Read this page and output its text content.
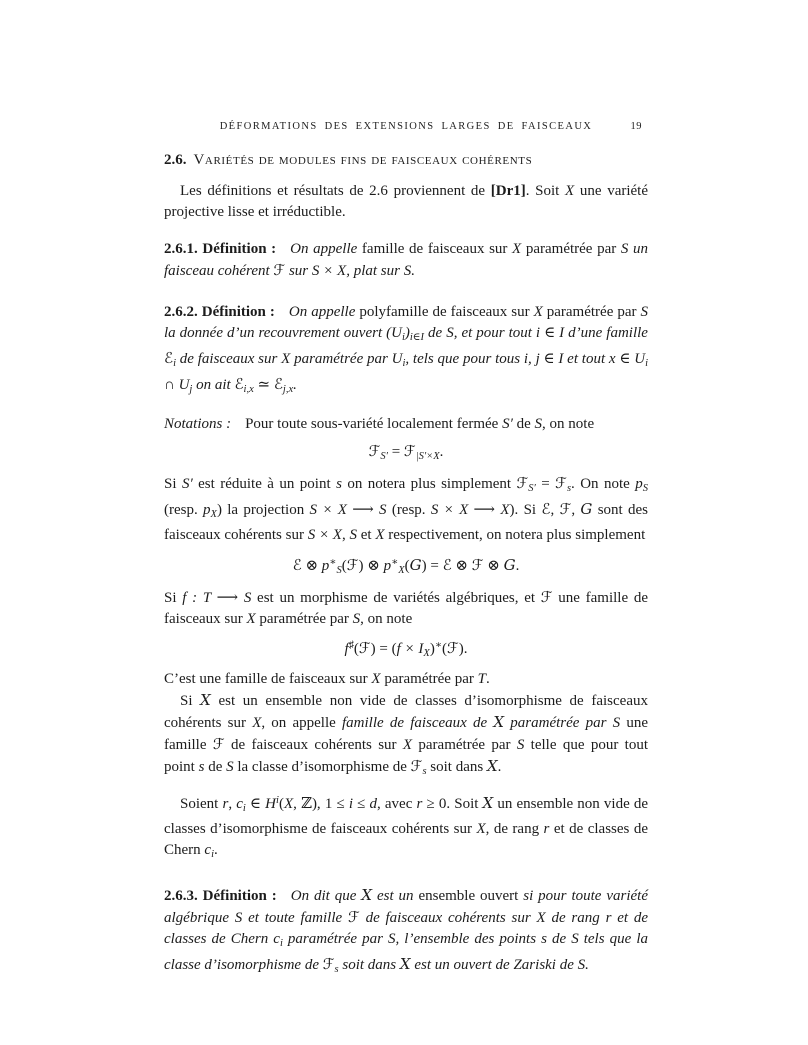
DÉFORMATIONS DES EXTENSIONS LARGES DE FAISCEAUX	19
2.6. Variétés de modules fins de faisceaux cohérents
Les définitions et résultats de 2.6 proviennent de [Dr1]. Soit X une variété projective lisse et irréductible.
2.6.1. Définition : On appelle famille de faisceaux sur X paramétrée par S un faisceau cohérent ℱ sur S × X, plat sur S.
2.6.2. Définition : On appelle polyfamille de faisceaux sur X paramétrée par S la donnée d’un recouvrement ouvert $(U_i)_{i\in I}$ de S, et pour tout i ∈ I d’une famille ℰ$_i$ de faisceaux sur X paramétrée par $U_i$, tels que pour tous i, j ∈ I et tout x ∈ $U_i$ ∩ $U_j$ on ait ℰ$_{i,x}$ ≃ ℰ$_{j,x}$.
Notations : Pour toute sous-variété localement fermée S′ de S, on note
ℱ$_{S'}$ = ℱ$_{|S'\times X}$.
Si S′ est réduite à un point s on notera plus simplement ℱ$_{S'}$ = ℱ$_s$. On note $p_S$ (resp. $p_X$) la projection S × X ⟶ S (resp. S × X ⟶ X). Si ℰ, ℱ, G sont des faisceaux cohérents sur S × X, S et X respectivement, on notera plus simplement
ℰ ⊗ $p^∗_S(ℱ)$ ⊗ $p^∗_X(G)$ = ℰ ⊗ ℱ ⊗ G.
Si f : T ⟶ S est un morphisme de variétés algébriques, et ℱ une famille de faisceaux sur X paramétrée par S, on note
f♯(ℱ) = $(f \times I_X)^∗(ℱ)$.
C’est une famille de faisceaux sur X paramétrée par T.
Si X est un ensemble non vide de classes d’isomorphisme de faisceaux cohérents sur X, on appelle famille de faisceaux de X paramétrée par S une famille ℱ de faisceaux cohérents sur X paramétrée par S telle que pour tout point s de S la classe d’isomorphisme de ℱ$_s$ soit dans X.
Soient r, $c_i$ ∈ $H^i(X$, ℤ), 1 ≤ i ≤ d, avec r ≥ 0. Soit X un ensemble non vide de classes d’isomorphisme de faisceaux cohérents sur X, de rang r et de classes de Chern $c_i$.
2.6.3. Définition : On dit que X est un ensemble ouvert si pour toute variété algébrique S et toute famille ℱ de faisceaux cohérents sur X de rang r et de classes de Chern $c_i$ paramétrée par S, l’ensemble des points s de S tels que la classe d’isomorphisme de ℱ$_s$ soit dans X est un ouvert de Zariski de S.
